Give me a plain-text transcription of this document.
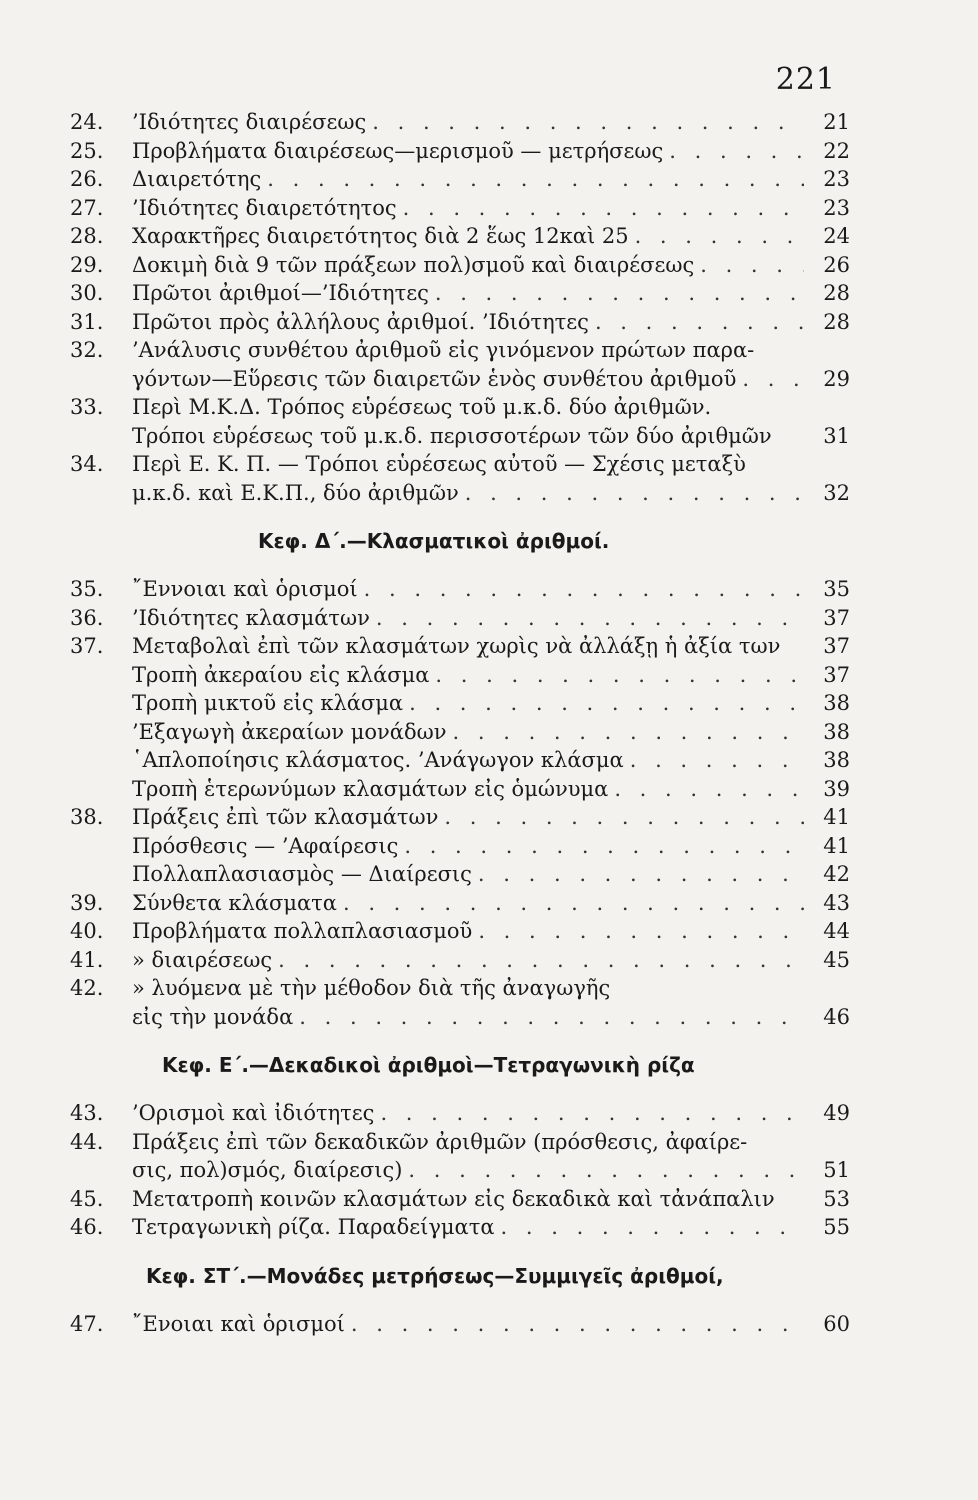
221
24.	’Ιδιότητες διαιρέσεως . . .	21
25.	Προβλήματα διαιρέσεως—μερισμοῦ — μετρήσεως . . .	22
26.	Διαιρετότης . . .	23
27.	’Ιδιότητες διαιρετότητος . . .	23
28.	Χαρακτῆρες διαιρετότητος διὰ 2 ἕως 12καὶ 25 . . .	24
29.	Δοκιμὴ διὰ 9 τῶν πράξεων πολ)σμοῦ καὶ διαιρέσεως . . .	26
30.	Πρῶτοι ἀριθμοί—’Ιδιότητες . . .	28
31.	Πρῶτοι πρὸς ἀλλήλους ἀριθμοί. ’Ιδιότητες . . .	28
32.	’Ανάλυσις συνθέτου ἀριθμοῦ εἰς γινόμενον πρώτων παρα-
γόντων—Εὕρεσις τῶν διαιρετῶν ἑνὸς συνθέτου ἀριθμοῦ . . .	29
33.	Περὶ Μ.Κ.Δ. Τρόπος εὑρέσεως τοῦ μ.κ.δ. δύο ἀριθμῶν.
Τρόποι εὑρέσεως τοῦ μ.κ.δ. περισσοτέρων τῶν δύο ἀριθμῶν	31
34.	Περὶ Ε. Κ. Π. — Τρόποι εὑρέσεως αὐτοῦ — Σχέσις μεταξὺ
μ.κ.δ. καὶ Ε.Κ.Π., δύο ἀριθμῶν . . .	32
Κεφ. Δ΄.—Κλασματικοὶ ἀριθμοί.
35.	῎Εννοιαι καὶ ὁρισμοί . . .	35
36.	’Ιδιότητες κλασμάτων . . .	37
37.	Μεταβολαὶ ἐπὶ τῶν κλασμάτων χωρὶς νὰ ἀλλάξῃ ἡ ἀξία των	37
Τροπὴ ἀκεραίου εἰς κλάσμα . . .	37
Τροπὴ μικτοῦ εἰς κλάσμα . . .	38
’Εξαγωγὴ ἀκεραίων μονάδων . . .	38
῾Απλοποίησις κλάσματος. ’Ανάγωγον κλάσμα . . .	38
Τροπὴ ἑτερωνύμων κλασμάτων εἰς ὁμώνυμα . . .	39
38.	Πράξεις ἐπὶ τῶν κλασμάτων . . .	41
Πρόσθεσις — ’Αφαίρεσις . . .	41
Πολλαπλασιασμὸς — Διαίρεσις . . .	42
39.	Σύνθετα κλάσματα . . .	43
40.	Προβλήματα πολλαπλασιασμοῦ . . .	44
41.	» διαιρέσεως . . .	45
42.	» λυόμενα μὲ τὴν μέθοδον διὰ τῆς ἀναγωγῆς
εἰς τὴν μονάδα . . .	46
Κεφ. Ε΄.—Δεκαδικοὶ ἀριθμοὶ—Τετραγωνικὴ ρίζα
43.	’Ορισμοὶ καὶ ἰδιότητες . . .	49
44.	Πράξεις ἐπὶ τῶν δεκαδικῶν ἀριθμῶν (πρόσθεσις, ἀφαίρε-
σις, πολ)σμός, διαίρεσις) . . .	51
45.	Μετατροπὴ κοινῶν κλασμάτων εἰς δεκαδικὰ καὶ τἀνάπαλιν	53
46.	Τετραγωνικὴ ρίζα. Παραδείγματα . . .	55
Κεφ. ΣΤ΄.—Μονάδες μετρήσεως—Συμμιγεῖς ἀριθμοί,
47.	῎Ενοιαι καὶ ὁρισμοί . . .	60
